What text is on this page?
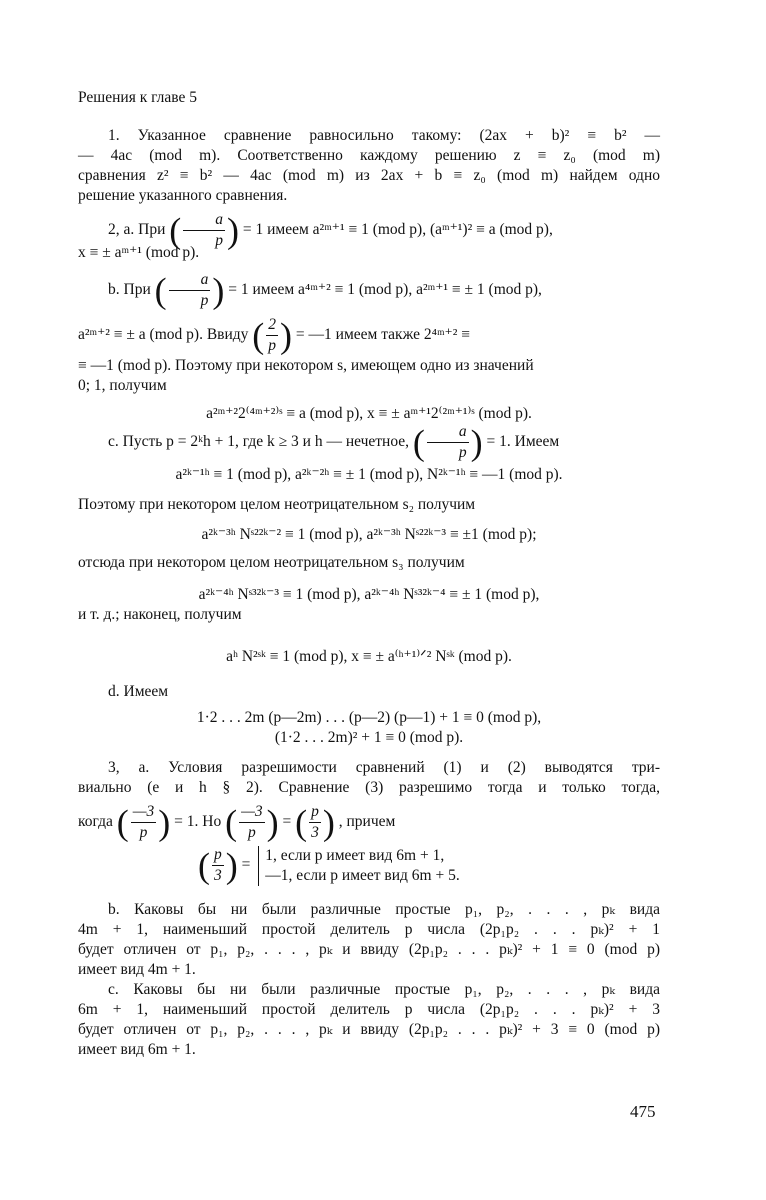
Решения к главе 5
1. Указанное сравнение равносильно такому: (2ax + b)² ≡ b² —
— 4ac (mod m). Соответственно каждому решению z ≡ z₀ (mod m)
сравнения z² ≡ b² — 4ac (mod m) из 2ax + b ≡ z₀ (mod m) найдем одно
решение указанного сравнения.
2, a. При ( $\frac{a}{p}$ ) = 1 имеем a²ᵐ⁺¹ ≡ 1 (mod p), (aᵐ⁺¹)² ≡ a (mod p),
x ≡ ± aᵐ⁺¹ (mod p).
b. При ( $\frac{a}{p}$ ) = 1 имеем a⁴ᵐ⁺² ≡ 1 (mod p), a²ᵐ⁺¹ ≡ ± 1 (mod p),
a²ᵐ⁺² ≡ ± a (mod p). Ввиду ( $\frac{2}{p}$ ) = —1 имеем также 2⁴ᵐ⁺² ≡
≡ —1 (mod p). Поэтому при некотором s, имеющем одно из значений
0; 1, получим
a²ᵐ⁺²2⁽⁴ᵐ⁺²⁾ˢ ≡ a (mod p), x ≡ ± aᵐ⁺¹2⁽²ᵐ⁺¹⁾ˢ (mod p).
c. Пусть p = 2ᵏh + 1, где k ≥ 3 и h — нечетное, ( $\frac{a}{p}$ ) = 1. Имеем
a²ᵏ⁻¹ʰ ≡ 1 (mod p), a²ᵏ⁻²ʰ ≡ ± 1 (mod p), N²ᵏ⁻¹ʰ ≡ —1 (mod p).
Поэтому при некотором целом неотрицательном s₂ получим
a²ᵏ⁻³ʰ Nˢ²²ᵏ⁻² ≡ 1 (mod p), a²ᵏ⁻³ʰ Nˢ²²ᵏ⁻³ ≡ ±1 (mod p);
отсюда при некотором целом неотрицательном s₃ получим
a²ᵏ⁻⁴ʰ Nˢ³²ᵏ⁻³ ≡ 1 (mod p), a²ᵏ⁻⁴ʰ Nˢ³²ᵏ⁻⁴ ≡ ± 1 (mod p),
и т. д.; наконец, получим
aʰ N²ˢᵏ ≡ 1 (mod p), x ≡ ± a⁽ʰ⁺¹⁾ᐟ² Nˢᵏ (mod p).
d. Имеем
1·2 . . . 2m (p—2m) . . . (p—2) (p—1) + 1 ≡ 0 (mod p),
(1·2 . . . 2m)² + 1 ≡ 0 (mod p).
3, a. Условия разрешимости сравнений (1) и (2) выводятся три-
виально (е и h § 2). Сравнение (3) разрешимо тогда и только тогда,
когда ( $\frac{—3}{p}$ ) = 1. Но ( $\frac{—3}{p}$ ) = ( $\frac{p}{3}$ ) , причем
( $\frac{p}{3}$ ) =
1, если p имеет вид 6m + 1,
—1, если p имеет вид 6m + 5.
b. Каковы бы ни были различные простые p₁, p₂, . . . , pₖ вида
4m + 1, наименьший простой делитель p числа (2p₁p₂ . . . pₖ)² + 1
будет отличен от p₁, p₂, . . . , pₖ и ввиду (2p₁p₂ . . . pₖ)² + 1 ≡ 0 (mod p)
имеет вид 4m + 1.
c. Каковы бы ни были различные простые p₁, p₂, . . . , pₖ вида
6m + 1, наименьший простой делитель p числа (2p₁p₂ . . . pₖ)² + 3
будет отличен от p₁, p₂, . . . , pₖ и ввиду (2p₁p₂ . . . pₖ)² + 3 ≡ 0 (mod p)
имеет вид 6m + 1.
475
